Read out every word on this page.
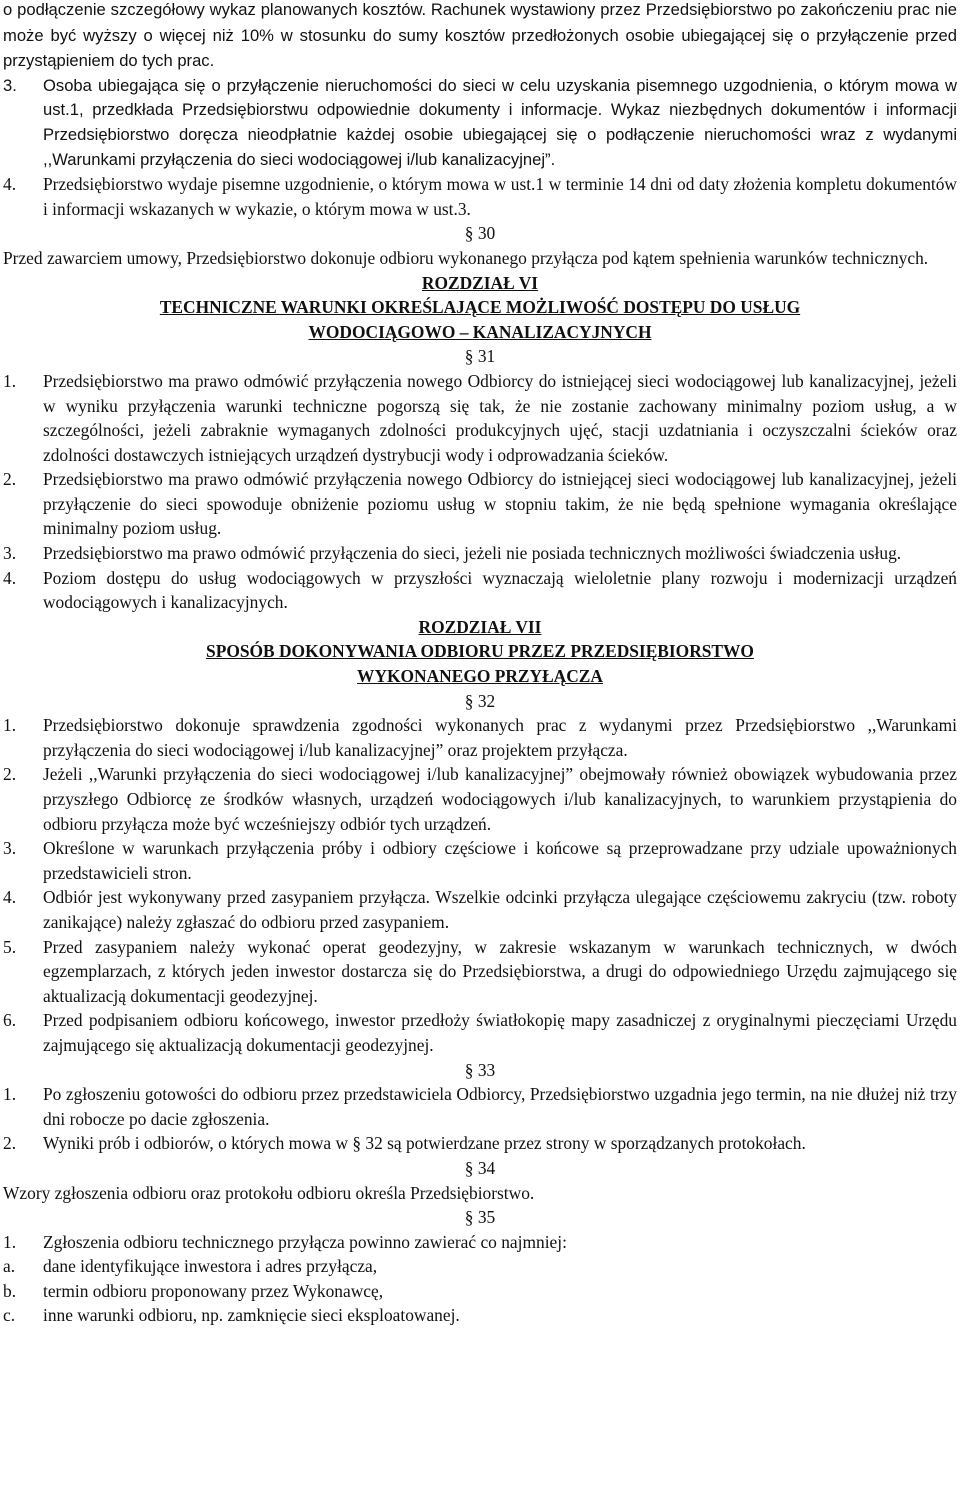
o podłączenie szczegółowy wykaz planowanych kosztów. Rachunek wystawiony przez Przedsiębiorstwo po zakończeniu prac nie może być wyższy o więcej niż 10% w stosunku do sumy kosztów przedłożonych osobie ubiegającej się o przyłączenie przed przystąpieniem do tych prac.
3.	Osoba ubiegająca się o przyłączenie nieruchomości do sieci w celu uzyskania pisemnego uzgodnienia, o którym mowa w ust.1, przedkłada Przedsiębiorstwu odpowiednie dokumenty i informacje. Wykaz niezbędnych dokumentów i informacji Przedsiębiorstwo doręcza nieodpłatnie każdej osobie ubiegającej się o podłączenie nieruchomości wraz z wydanymi ,,Warunkami przyłączenia do sieci wodociągowej i/lub kanalizacyjnej”.
4.	Przedsiębiorstwo wydaje pisemne uzgodnienie, o którym mowa w ust.1 w terminie 14 dni od daty złożenia kompletu dokumentów i informacji wskazanych w wykazie, o którym mowa w ust.3.
§ 30
Przed zawarciem umowy, Przedsiębiorstwo dokonuje odbioru wykonanego przyłącza pod kątem spełnienia warunków technicznych.
ROZDZIAŁ VI
TECHNICZNE WARUNKI OKREŚLAJĄCE MOŻLIWOŚĆ DOSTĘPU DO USŁUG
WODOCIĄGOWO – KANALIZACYJNYCH
§ 31
1.	Przedsiębiorstwo ma prawo odmówić przyłączenia nowego Odbiorcy do istniejącej sieci wodociągowej lub kanalizacyjnej, jeżeli w wyniku przyłączenia warunki techniczne pogorszą się tak, że nie zostanie zachowany minimalny poziom usług, a w szczególności, jeżeli zabraknie wymaganych zdolności produkcyjnych ujęć, stacji uzdatniania i oczyszczalni ścieków oraz zdolności dostawczych istniejących urządzeń dystrybucji wody i odprowadzania ścieków.
2.	Przedsiębiorstwo ma prawo odmówić przyłączenia nowego Odbiorcy do istniejącej sieci wodociągowej lub kanalizacyjnej, jeżeli przyłączenie do sieci spowoduje obniżenie poziomu usług w stopniu takim, że nie będą spełnione wymagania określające minimalny poziom usług.
3.	Przedsiębiorstwo ma prawo odmówić przyłączenia do sieci, jeżeli nie posiada technicznych możliwości świadczenia usług.
4.	Poziom dostępu do usług wodociągowych w przyszłości wyznaczają wieloletnie plany rozwoju i modernizacji urządzeń wodociągowych i kanalizacyjnych.
ROZDZIAŁ VII
SPOSÓB DOKONYWANIA ODBIORU PRZEZ PRZEDSIĘBIORSTWO
WYKONANEGO PRZYŁĄCZA
§ 32
1.	Przedsiębiorstwo dokonuje sprawdzenia zgodności wykonanych prac z wydanymi przez Przedsiębiorstwo ,,Warunkami przyłączenia do sieci wodociągowej i/lub kanalizacyjnej” oraz projektem przyłącza.
2.	Jeżeli ,,Warunki przyłączenia do sieci wodociągowej i/lub kanalizacyjnej” obejmowały również obowiązek wybudowania przez przyszłego Odbiorcę ze środków własnych, urządzeń wodociągowych i/lub kanalizacyjnych, to warunkiem przystąpienia do odbioru przyłącza może być wcześniejszy odbiór tych urządzeń.
3.	Określone w warunkach przyłączenia próby i odbiory częściowe i końcowe są przeprowadzane przy udziale upoważnionych przedstawicieli stron.
4.	Odbiór jest wykonywany przed zasypaniem przyłącza. Wszelkie odcinki przyłącza ulegające częściowemu zakryciu (tzw. roboty zanikające) należy zgłaszać do odbioru przed zasypaniem.
5.	Przed zasypaniem należy wykonać operat geodezyjny, w zakresie wskazanym w warunkach technicznych, w dwóch egzemplarzach, z których jeden inwestor dostarcza się do Przedsiębiorstwa, a drugi do odpowiedniego Urzędu zajmującego się aktualizacją dokumentacji geodezyjnej.
6.	Przed podpisaniem odbioru końcowego, inwestor przedłoży światłokopię mapy zasadniczej z oryginalnymi pieczęciami Urzędu zajmującego się aktualizacją dokumentacji geodezyjnej.
§ 33
1.	Po zgłoszeniu gotowości do odbioru przez przedstawiciela Odbiorcy, Przedsiębiorstwo uzgadnia jego termin, na nie dłużej niż trzy dni robocze po dacie zgłoszenia.
2.	Wyniki prób i odbiorów, o których mowa w § 32 są potwierdzane przez strony w sporządzanych protokołach.
§ 34
Wzory zgłoszenia odbioru oraz protokołu odbioru określa Przedsiębiorstwo.
§ 35
1.	Zgłoszenia odbioru technicznego przyłącza powinno zawierać co najmniej:
a.	dane identyfikujące inwestora i adres przyłącza,
b.	termin odbioru proponowany przez Wykonawcę,
c.	inne warunki odbioru, np. zamknięcie sieci eksploatowanej.
